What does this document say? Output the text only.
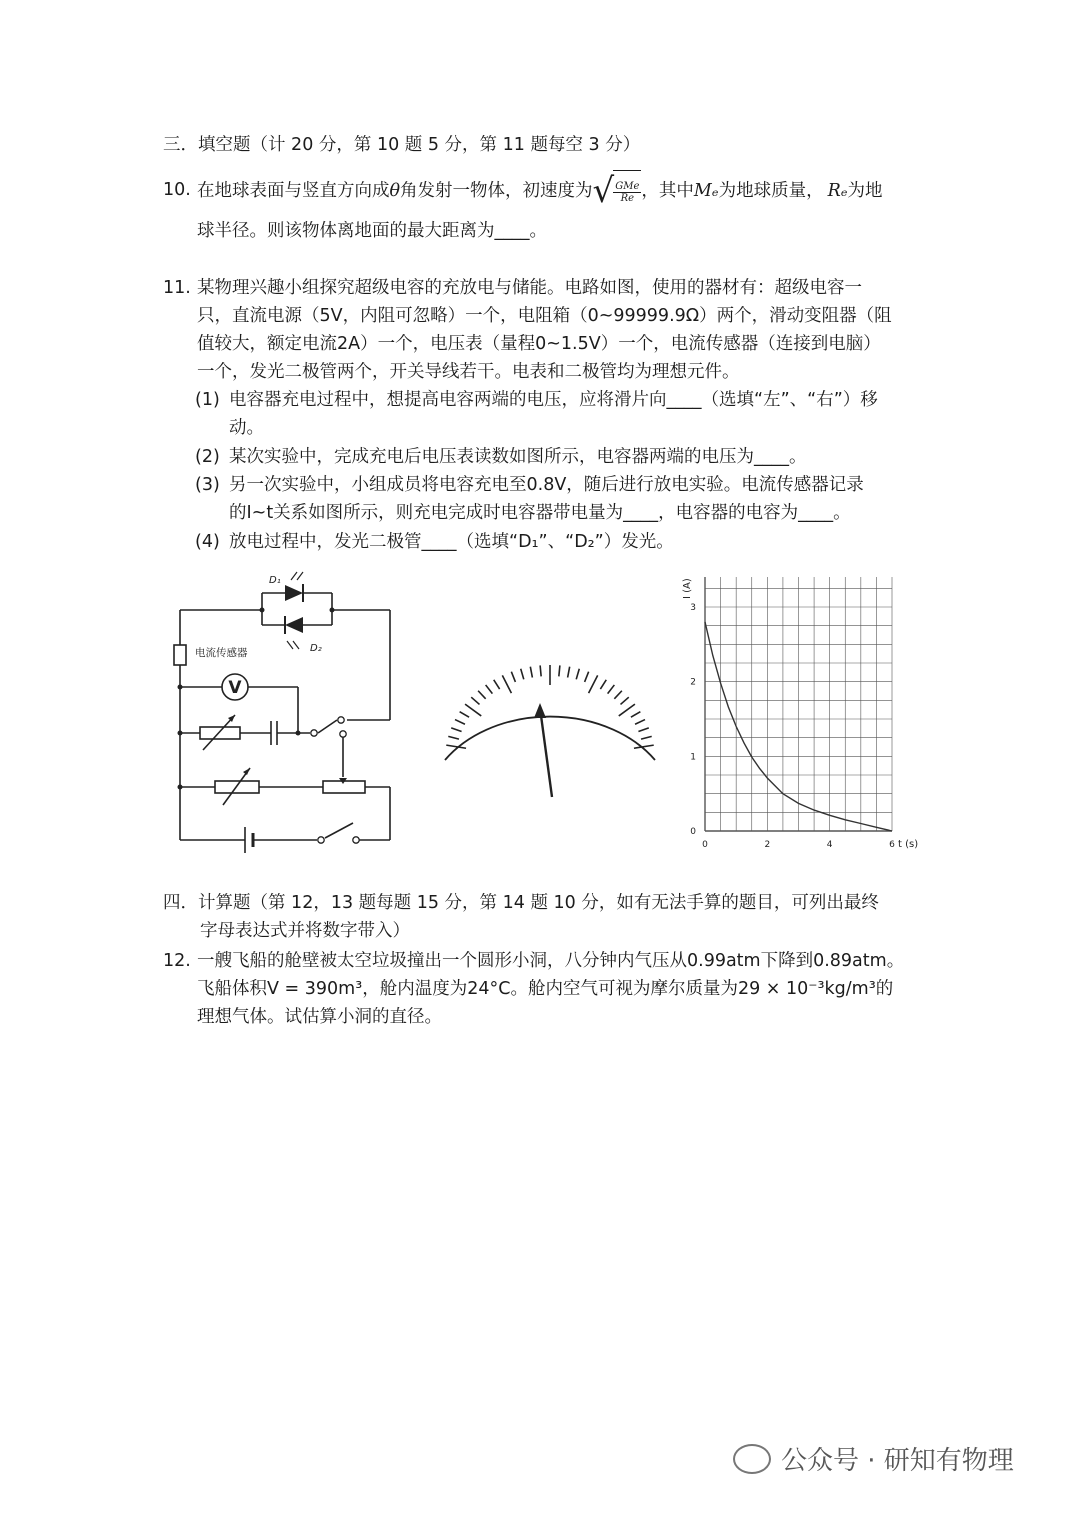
三．填空题（计 20 分，第 10 题 5 分，第 11 题每空 3 分）
10. 在地球表面与竖直方向成 θ 角发射一物体，初速度为 √ $\frac{\text{GMe}}{Re}$ ，其中 Mₑ 为地球质量， Rₑ 为地
球半径。则该物体离地面的最大距离为____。
11. 某物理兴趣小组探究超级电容的充放电与储能。电路如图，使用的器材有：超级电容一
只，直流电源（5V，内阻可忽略）一个，电阻箱（0~99999.9Ω）两个，滑动变阻器（阻
值较大，额定电流2A）一个，电压表（量程0~1.5V）一个，电流传感器（连接到电脑）
一个，发光二极管两个，开关导线若干。电表和二极管均为理想元件。
(1) 电容器充电过程中，想提高电容两端的电压，应将滑片向____（选填“左”、“右”）移
动。
(2) 某次实验中，完成充电后电压表读数如图所示，电容器两端的电压为____。
(3) 另一次实验中，小组成员将电容充电至0.8V，随后进行放电实验。电流传感器记录
的I~t关系如图所示，则充电完成时电容器带电量为____，电容器的电容为____。
(4) 放电过程中，发光二极管____（选填“D₁”、“D₂”）发光。
V
D₁
D₂
电流传感器
0	2	4	6
0
1
2
3
I (A)
t (s)
四．计算题（第 12，13 题每题 15 分，第 14 题 10 分，如有无法手算的题目，可列出最终
字母表达式并将数字带入）
12. 一艘飞船的舱壁被太空垃圾撞出一个圆形小洞，八分钟内气压从0.99atm下降到0.89atm。
飞船体积V = 390m³，舱内温度为24°C。舱内空气可视为摩尔质量为29 × 10⁻³kg/m³的
理想气体。试估算小洞的直径。
公众号 · 研知有物理
